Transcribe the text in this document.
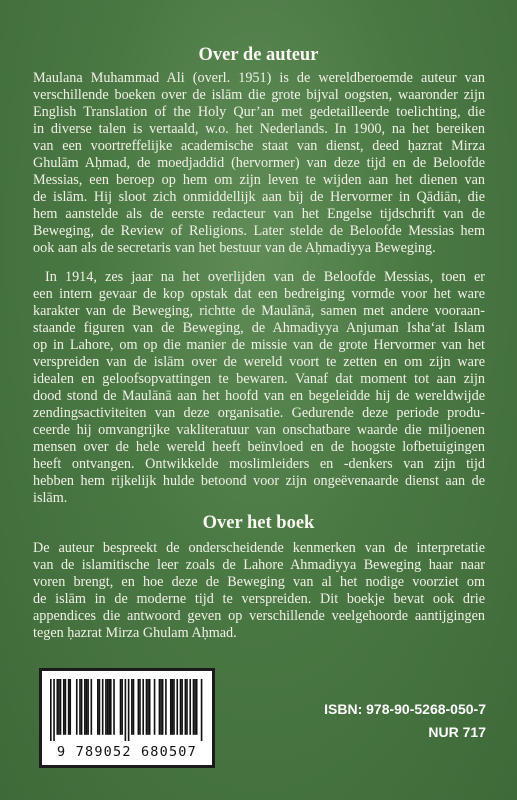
Over de auteur

Maulana Muhammad Ali (overl. 1951) is de wereldberoemde auteur van
verschillende boeken over de islām die grote bijval oogsten, waaronder zijn
English Translation of the Holy Qur’an met gedetailleerde toelichting, die
in diverse talen is vertaald, w.o. het Nederlands. In 1900, na het bereiken
van een voortreffelijke academische staat van dienst, deed ḥazrat Mirza
Ghulām Aḥmad, de moedjaddid (hervormer) van deze tijd en de Beloofde
Messias, een beroep op hem om zijn leven te wijden aan het dienen van
de islām. Hij sloot zich onmiddellijk aan bij de Hervormer in Qādiān, die
hem aanstelde als de eerste redacteur van het Engelse tijdschrift van de
Beweging, de Review of Religions. Later stelde de Beloofde Messias hem
ook aan als de secretaris van het bestuur van de Aḥmadiyya Beweging.

In 1914, zes jaar na het overlijden van de Beloofde Messias, toen er
een intern gevaar de kop opstak dat een bedreiging vormde voor het ware
karakter van de Beweging, richtte de Maulānā, samen met andere vooraan-
staande figuren van de Beweging, de Ahmadiyya Anjuman Isha‘at Islam
op in Lahore, om op die manier de missie van de grote Hervormer van het
verspreiden van de islām over de wereld voort te zetten en om zijn ware
idealen en geloofsopvattingen te bewaren. Vanaf dat moment tot aan zijn
dood stond de Maulānā aan het hoofd van en begeleidde hij de wereldwijde
zendingsactiviteiten van deze organisatie. Gedurende deze periode produ-
ceerde hij omvangrijke vakliteratuur van onschatbare waarde die miljoenen
mensen over de hele wereld heeft beïnvloed en de hoogste lofbetuigingen
heeft ontvangen. Ontwikkelde moslimleiders en -denkers van zijn tijd
hebben hem rijkelijk hulde betoond voor zijn ongeëvenaarde dienst aan de
islām.

Over het boek

De auteur bespreekt de onderscheidende kenmerken van de interpretatie
van de islamitische leer zoals de Lahore Ahmadiyya Beweging haar naar
voren brengt, en hoe deze de Beweging van al het nodige voorziet om
de islām in de moderne tijd te verspreiden. Dit boekje bevat ook drie
appendices die antwoord geven op verschillende veelgehoorde aantijgingen
tegen ḥazrat Mirza Ghulam Aḥmad.

9 789052 680507
ISBN: 978-90-5268-050-7
NUR 717
